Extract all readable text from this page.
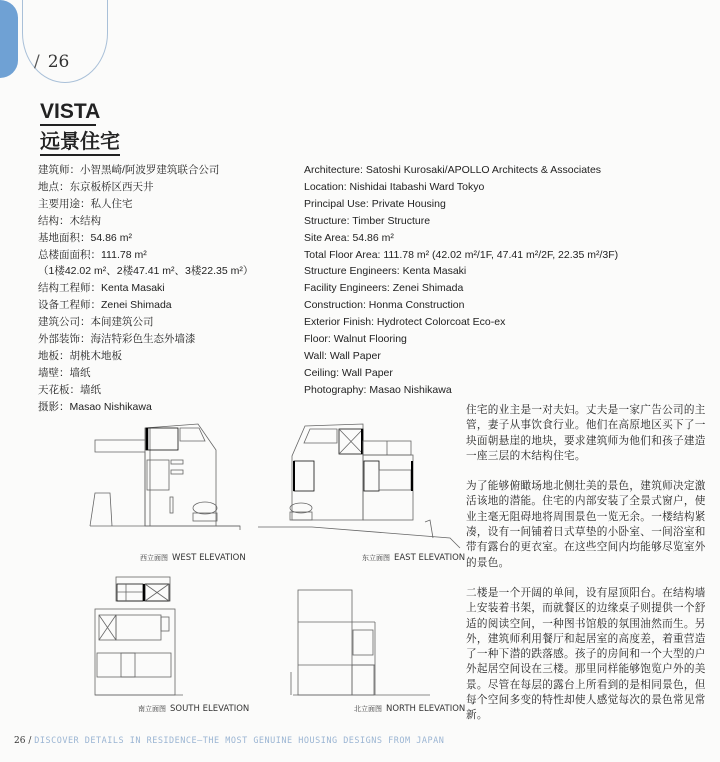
/ 26
VISTA
远景住宅
建筑师：小智黑崎/阿波罗建筑联合公司
地点：东京板桥区西天井
主要用途：私人住宅
结构：木结构
基地面积：54.86 m²
总楼面面积：111.78 m²
（1楼42.02 m²、2楼47.41 m²、3楼22.35 m²）
结构工程师：Kenta Masaki
设备工程师：Zenei Shimada
建筑公司：本间建筑公司
外部装饰：海洁特彩色生态外墙漆
地板：胡桃木地板
墙壁：墙纸
天花板：墙纸
摄影：Masao Nishikawa
Architecture: Satoshi Kurosaki/APOLLO Architects & Associates
Location: Nishidai Itabashi Ward Tokyo
Principal Use: Private Housing
Structure: Timber Structure
Site Area: 54.86 m²
Total Floor Area: 111.78 m² (42.02 m²/1F, 47.41 m²/2F, 22.35 m²/3F)
Structure Engineers: Kenta Masaki
Facility Engineers: Zenei Shimada
Construction: Honma Construction
Exterior Finish: Hydrotect Colorcoat Eco-ex
Floor: Walnut Flooring
Wall: Wall Paper
Ceiling: Wall Paper
Photography: Masao Nishikawa

住宅的业主是一对夫妇。丈夫是一家广告公司的主管，妻子从事饮食行业。他们在高原地区买下了一块面朝悬崖的地块，要求建筑师为他们和孩子建造一座三层的木结构住宅。

为了能够俯瞰场地北侧壮美的景色，建筑师决定激活该地的潜能。住宅的内部安装了全景式窗户，使业主毫无阻碍地将周围景色一览无余。一楼结构紧凑，设有一间铺着日式草垫的小卧室、一间浴室和带有露台的更衣室。在这些空间内均能够尽览室外的景色。

二楼是一个开阔的单间，设有屋顶阳台。在结构墙上安装着书架，而就餐区的边缘桌子则提供一个舒适的阅读空间，一种图书馆般的氛围油然而生。另外，建筑师利用餐厅和起居室的高度差，着重营造了一种下潜的跌落感。孩子的房间和一个大型的户外起居空间设在三楼。那里同样能够饱览户外的美景。尽管在每层的露台上所看到的是相同景色，但每个空间多变的特性却使人感觉每次的景色常见常新。

西立面图 WEST ELEVATION	东立面图 EAST ELEVATION
南立面图 SOUTH ELEVATION	北立面图 NORTH ELEVATION
26 / DISCOVER DETAILS IN RESIDENCE—THE MOST GENUINE HOUSING DESIGNS FROM JAPAN
